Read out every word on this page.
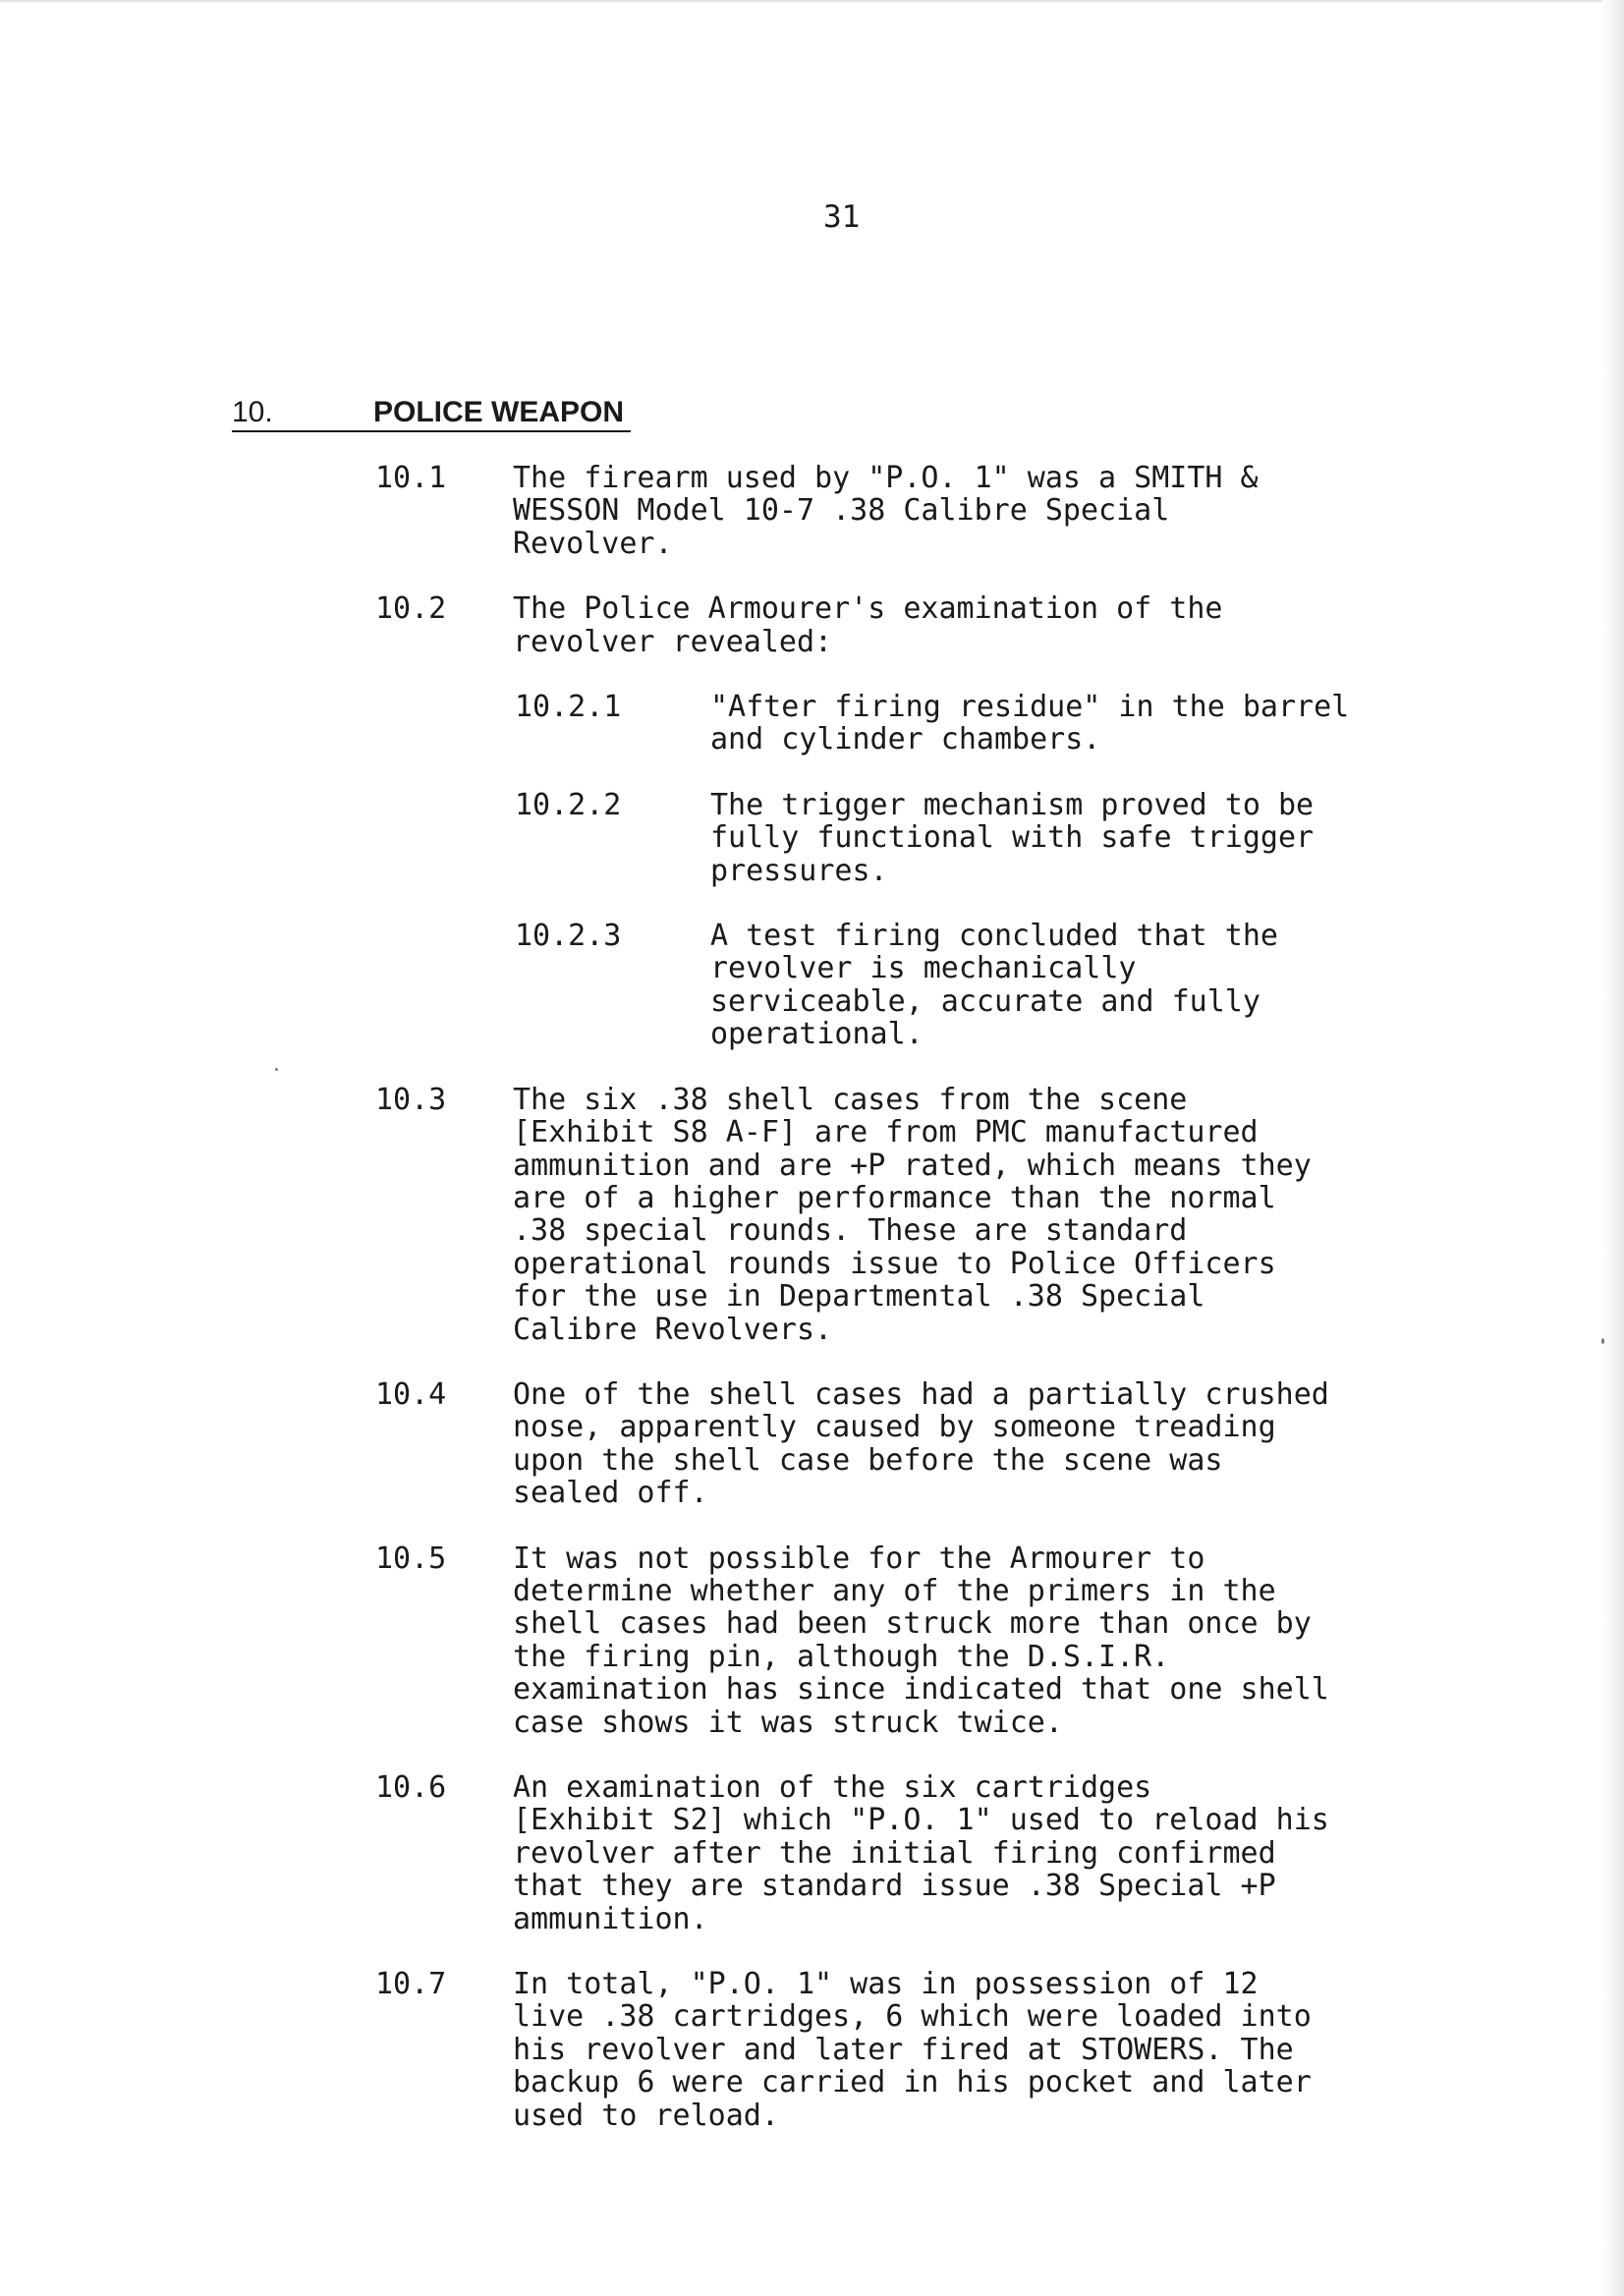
31
10.	POLICE WEAPON
10.1 The firearm used by "P.O. 1" was a SMITH &
WESSON Model 10-7 .38 Calibre Special
Revolver.
10.2 The Police Armourer's examination of the
revolver revealed:
10.2.1	"After firing residue" in the barrel
and cylinder chambers.
10.2.2	The trigger mechanism proved to be
fully functional with safe trigger
pressures.
10.2.3	A test firing concluded that the
revolver is mechanically
serviceable, accurate and fully
operational.
10.3 The six .38 shell cases from the scene
[Exhibit S8 A-F] are from PMC manufactured
ammunition and are +P rated, which means they
are of a higher performance than the normal
.38 special rounds. These are standard
operational rounds issue to Police Officers
for the use in Departmental .38 Special
Calibre Revolvers.
10.4 One of the shell cases had a partially crushed
nose, apparently caused by someone treading
upon the shell case before the scene was
sealed off.
10.5 It was not possible for the Armourer to
determine whether any of the primers in the
shell cases had been struck more than once by
the firing pin, although the D.S.I.R.
examination has since indicated that one shell
case shows it was struck twice.
10.6 An examination of the six cartridges
[Exhibit S2] which "P.O. 1" used to reload his
revolver after the initial firing confirmed
that they are standard issue .38 Special +P
ammunition.
10.7 In total, "P.O. 1" was in possession of 12
live .38 cartridges, 6 which were loaded into
his revolver and later fired at STOWERS. The
backup 6 were carried in his pocket and later
used to reload.
